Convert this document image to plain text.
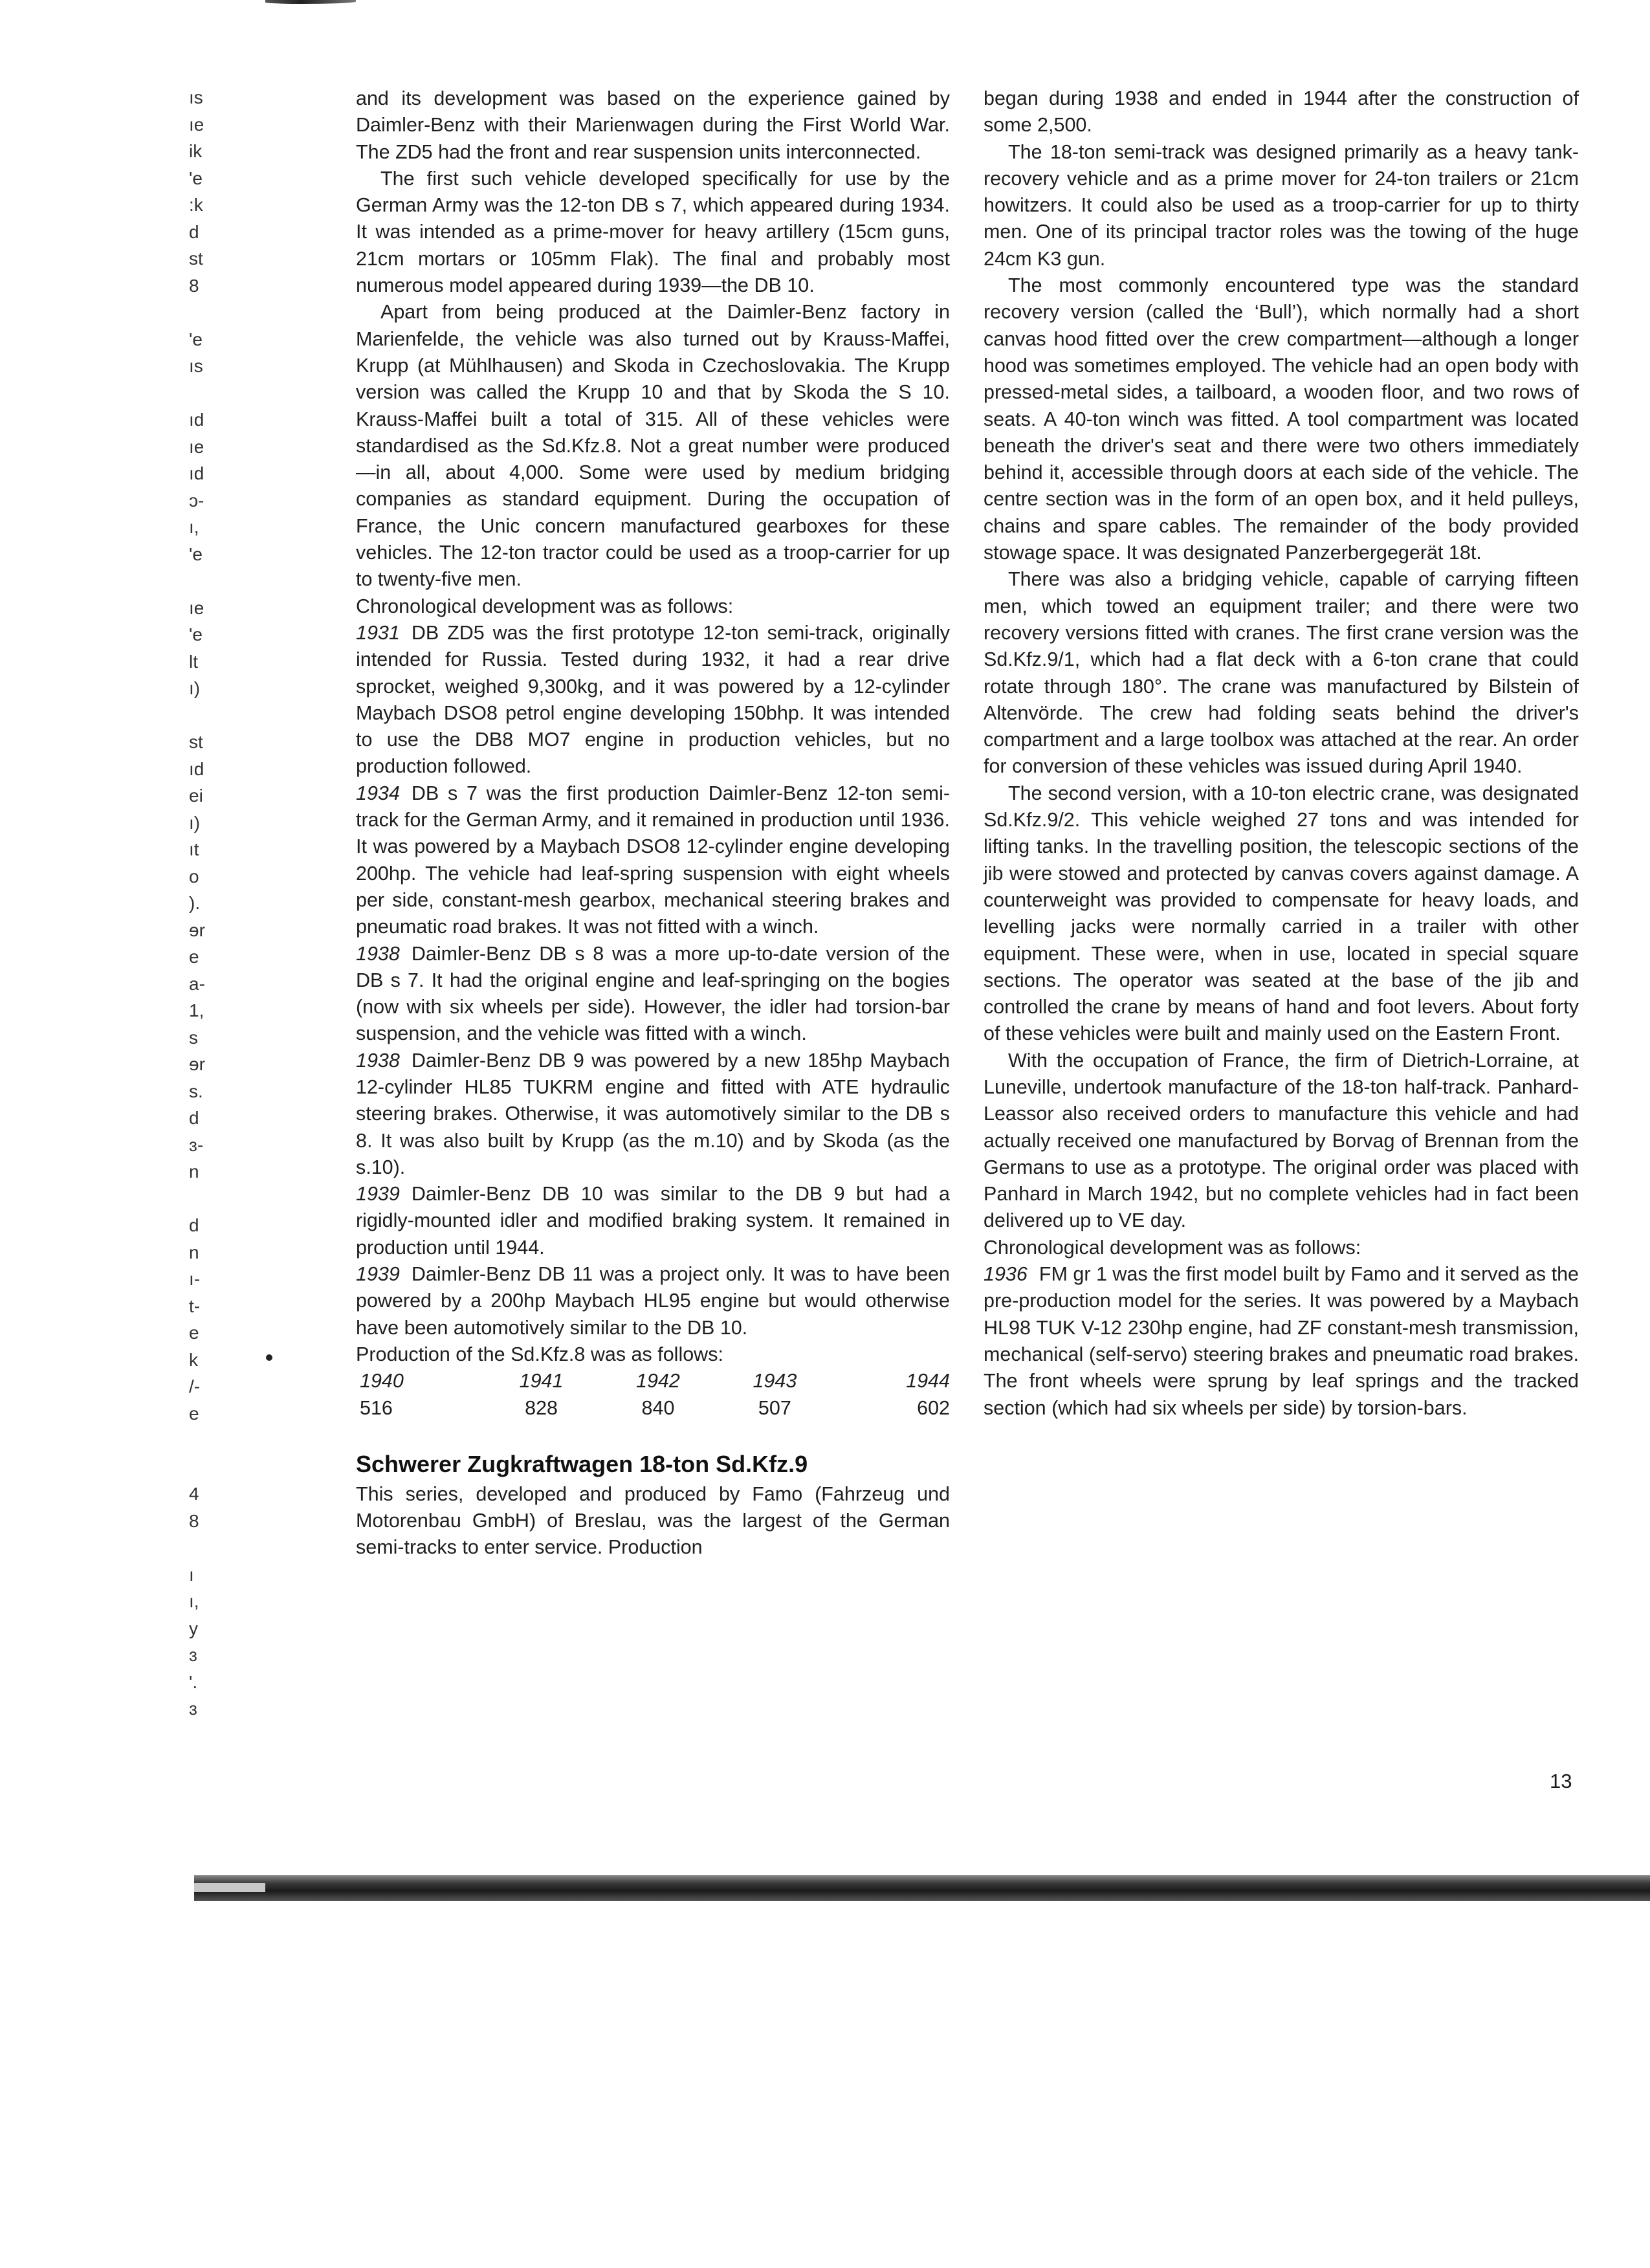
ıs
ıe
ik
'e
:k
d
st
8
'e
ıs
ıd
ıe
ıd
ɔ-
ı,
'e
ıe
'e
lt
ı)
st
ıd
ei
ı)
ıt
o
).
ɘr
e
a-
1,
s
ɘr
s.
d
ɜ-
n
d
n
ı-
t-
e
k
/-
e
4
8
ı
ı,
y
ɜ
'.
ɜ

and its development was based on the experience gained by Daimler-Benz with their Marienwagen during the First World War. The ZD5 had the front and rear suspension units interconnected.

The first such vehicle developed specifically for use by the German Army was the 12-ton DB s 7, which appeared during 1934. It was intended as a prime-mover for heavy artillery (15cm guns, 21cm mortars or 105mm Flak). The final and probably most numerous model appeared during 1939—the DB 10.

Apart from being produced at the Daimler-Benz factory in Marienfelde, the vehicle was also turned out by Krauss-Maffei, Krupp (at Mühlhausen) and Skoda in Czechoslovakia. The Krupp version was called the Krupp 10 and that by Skoda the S 10. Krauss-Maffei built a total of 315. All of these vehicles were standardised as the Sd.Kfz.8. Not a great number were produced —in all, about 4,000. Some were used by medium bridging companies as standard equipment. During the occupation of France, the Unic concern manufactured gearboxes for these vehicles. The 12-ton tractor could be used as a troop-carrier for up to twenty-five men.

Chronological development was as follows:

1931 DB ZD5 was the first prototype 12-ton semi-track, originally intended for Russia. Tested during 1932, it had a rear drive sprocket, weighed 9,300kg, and it was powered by a 12-cylinder Maybach DSO8 petrol engine developing 150bhp. It was intended to use the DB8 MO7 engine in production vehicles, but no production followed.

1934 DB s 7 was the first production Daimler-Benz 12-ton semi-track for the German Army, and it remained in production until 1936. It was powered by a Maybach DSO8 12-cylinder engine developing 200hp. The vehicle had leaf-spring suspension with eight wheels per side, constant-mesh gearbox, mechanical steering brakes and pneumatic road brakes. It was not fitted with a winch.

1938 Daimler-Benz DB s 8 was a more up-to-date version of the DB s 7. It had the original engine and leaf-springing on the bogies (now with six wheels per side). However, the idler had torsion-bar suspension, and the vehicle was fitted with a winch.

1938 Daimler-Benz DB 9 was powered by a new 185hp Maybach 12-cylinder HL85 TUKRM engine and fitted with ATE hydraulic steering brakes. Otherwise, it was automotively similar to the DB s 8. It was also built by Krupp (as the m.10) and by Skoda (as the s.10).

1939 Daimler-Benz DB 10 was similar to the DB 9 but had a rigidly-mounted idler and modified braking system. It remained in production until 1944.

1939 Daimler-Benz DB 11 was a project only. It was to have been powered by a 200hp Maybach HL95 engine but would otherwise have been automotively similar to the DB 10.

Production of the Sd.Kfz.8 was as follows:

1940	1941	1942	1943	1944
516	828	840	507	602
Schwerer Zugkraftwagen 18-ton Sd.Kfz.9

This series, developed and produced by Famo (Fahrzeug und Motorenbau GmbH) of Breslau, was the largest of the German semi-tracks to enter service. Production

began during 1938 and ended in 1944 after the construction of some 2,500.

The 18-ton semi-track was designed primarily as a heavy tank-recovery vehicle and as a prime mover for 24-ton trailers or 21cm howitzers. It could also be used as a troop-carrier for up to thirty men. One of its principal tractor roles was the towing of the huge 24cm K3 gun.

The most commonly encountered type was the standard recovery version (called the ‘Bull’), which normally had a short canvas hood fitted over the crew compartment—although a longer hood was sometimes employed. The vehicle had an open body with pressed-metal sides, a tailboard, a wooden floor, and two rows of seats. A 40-ton winch was fitted. A tool compartment was located beneath the driver's seat and there were two others immediately behind it, accessible through doors at each side of the vehicle. The centre section was in the form of an open box, and it held pulleys, chains and spare cables. The remainder of the body provided stowage space. It was designated Panzerbergegerät 18t.

There was also a bridging vehicle, capable of carrying fifteen men, which towed an equipment trailer; and there were two recovery versions fitted with cranes. The first crane version was the Sd.Kfz.9/1, which had a flat deck with a 6-ton crane that could rotate through 180°. The crane was manufactured by Bilstein of Altenvörde. The crew had folding seats behind the driver's compartment and a large toolbox was attached at the rear. An order for conversion of these vehicles was issued during April 1940.

The second version, with a 10-ton electric crane, was designated Sd.Kfz.9/2. This vehicle weighed 27 tons and was intended for lifting tanks. In the travelling position, the telescopic sections of the jib were stowed and protected by canvas covers against damage. A counterweight was provided to compensate for heavy loads, and levelling jacks were normally carried in a trailer with other equipment. These were, when in use, located in special square sections. The operator was seated at the base of the jib and controlled the crane by means of hand and foot levers. About forty of these vehicles were built and mainly used on the Eastern Front.

With the occupation of France, the firm of Dietrich-Lorraine, at Luneville, undertook manufacture of the 18-ton half-track. Panhard-Leassor also received orders to manufacture this vehicle and had actually received one manufactured by Borvag of Brennan from the Germans to use as a prototype. The original order was placed with Panhard in March 1942, but no complete vehicles had in fact been delivered up to VE day.

Chronological development was as follows:

1936 FM gr 1 was the first model built by Famo and it served as the pre-production model for the series. It was powered by a Maybach HL98 TUK V-12 230hp engine, had ZF constant-mesh transmission, mechanical (self-servo) steering brakes and pneumatic road brakes. The front wheels were sprung by leaf springs and the tracked section (which had six wheels per side) by torsion-bars.

13
